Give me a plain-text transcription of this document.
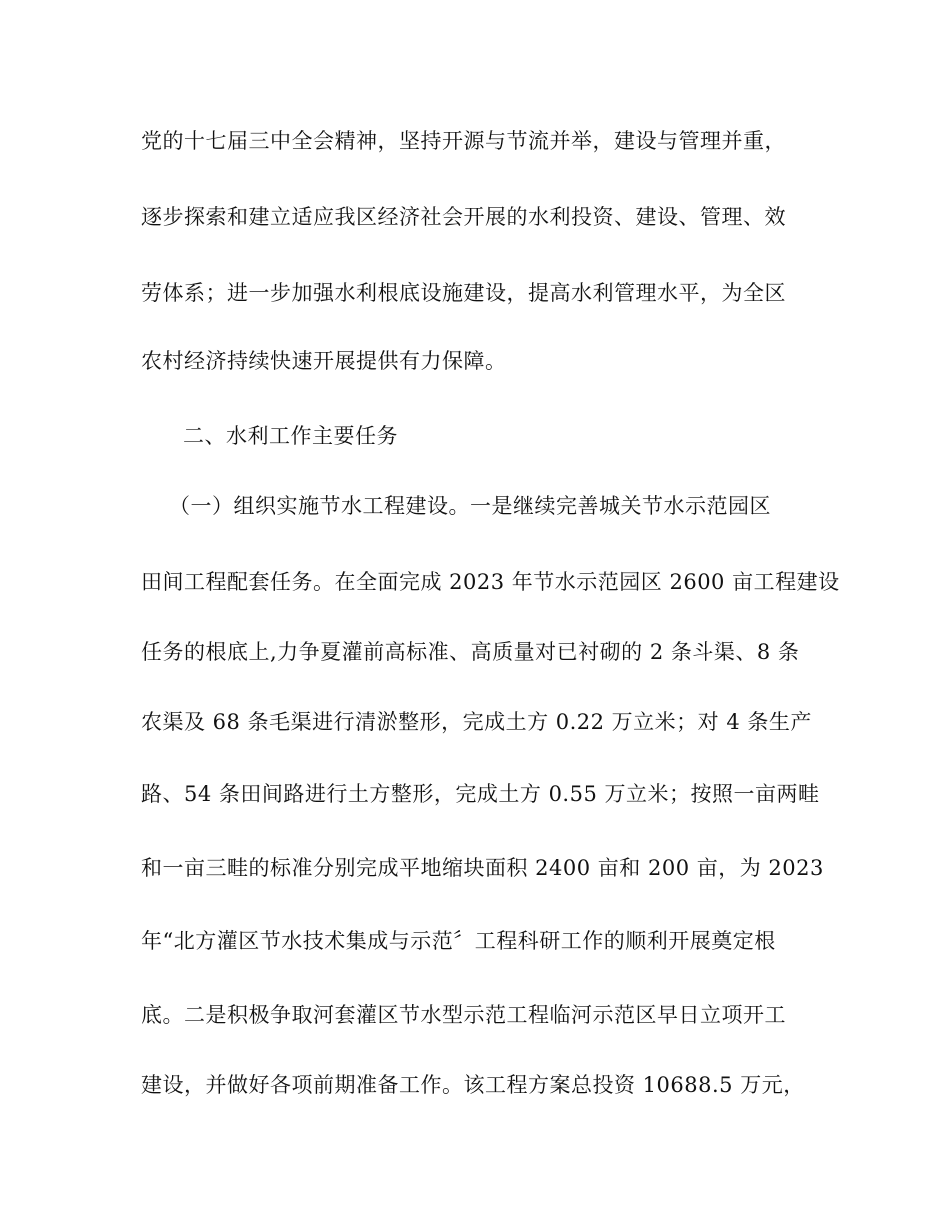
党的十七届三中全会精神，坚持开源与节流并举，建设与管理并重，
逐步探索和建立适应我区经济社会开展的水利投资、建设、管理、效
劳体系；进一步加强水利根底设施建设，提高水利管理水平，为全区
农村经济持续快速开展提供有力保障。
二、水利工作主要任务
（一）组织实施节水工程建设。一是继续完善城关节水示范园区
田间工程配套任务。在全面完成 2023 年节水示范园区 2600 亩工程建设
任务的根底上,力争夏灌前高标准、高质量对已衬砌的 2 条斗渠、8 条
农渠及 68 条毛渠进行清淤整形，完成土方 0.22 万立米；对 4 条生产
路、54 条田间路进行土方整形，完成土方 0.55 万立米；按照一亩两畦
和一亩三畦的标准分别完成平地缩块面积 2400 亩和 200 亩，为 2023
年“北方灌区节水技术集成与示范〞工程科研工作的顺利开展奠定根
底。二是积极争取河套灌区节水型示范工程临河示范区早日立项开工
建设，并做好各项前期准备工作。该工程方案总投资 10688.5 万元，
